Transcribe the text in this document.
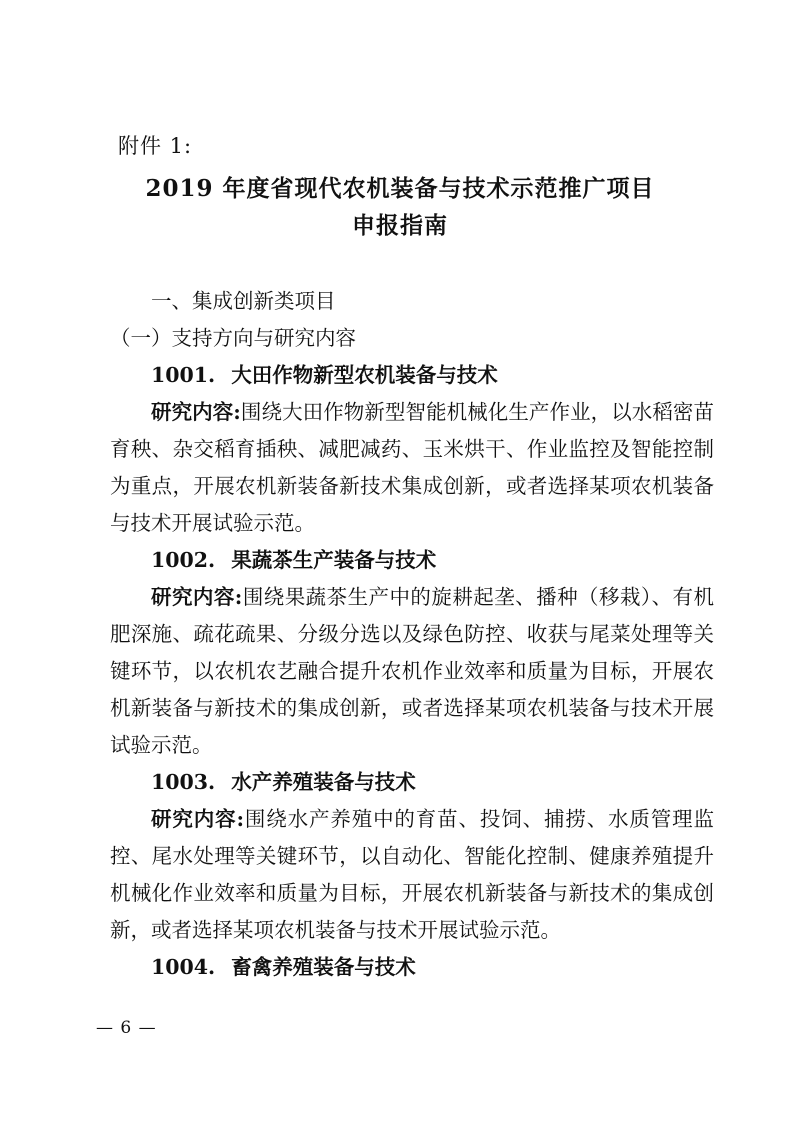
附件 1:
2019 年度省现代农机装备与技术示范推广项目
申报指南
一、集成创新类项目
（一）支持方向与研究内容
1001. 大田作物新型农机装备与技术
研究内容:围绕大田作物新型智能机械化生产作业，以水稻密苗育秧、杂交稻育插秧、减肥减药、玉米烘干、作业监控及智能控制为重点，开展农机新装备新技术集成创新，或者选择某项农机装备与技术开展试验示范。
1002. 果蔬茶生产装备与技术
研究内容:围绕果蔬茶生产中的旋耕起垄、播种（移栽）、有机肥深施、疏花疏果、分级分选以及绿色防控、收获与尾菜处理等关键环节，以农机农艺融合提升农机作业效率和质量为目标，开展农机新装备与新技术的集成创新，或者选择某项农机装备与技术开展试验示范。
1003. 水产养殖装备与技术
研究内容:围绕水产养殖中的育苗、投饲、捕捞、水质管理监控、尾水处理等关键环节，以自动化、智能化控制、健康养殖提升机械化作业效率和质量为目标，开展农机新装备与新技术的集成创新，或者选择某项农机装备与技术开展试验示范。
1004. 畜禽养殖装备与技术
— 6 —
